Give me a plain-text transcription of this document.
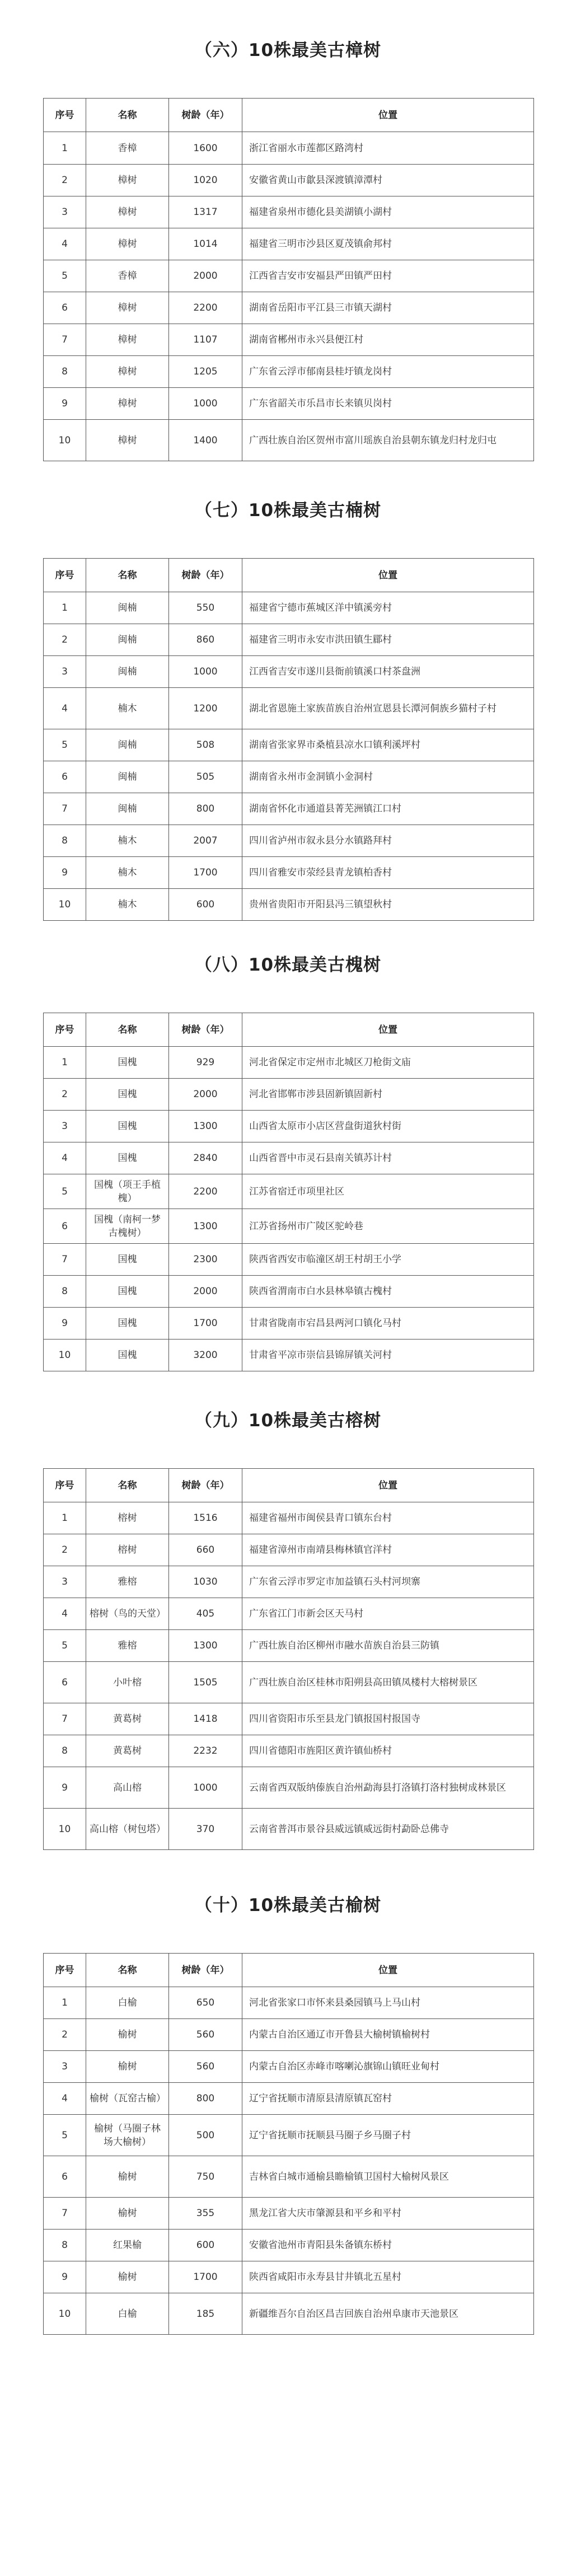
（六）10株最美古樟树
序号	名称	树龄（年）	位置
1	香樟	1600	浙江省丽水市莲都区路湾村
2	樟树	1020	安徽省黄山市歙县深渡镇漳潭村
3	樟树	1317	福建省泉州市德化县美湖镇小湖村
4	樟树	1014	福建省三明市沙县区夏茂镇俞邦村
5	香樟	2000	江西省吉安市安福县严田镇严田村
6	樟树	2200	湖南省岳阳市平江县三市镇天湖村
7	樟树	1107	湖南省郴州市永兴县便江村
8	樟树	1205	广东省云浮市郁南县桂圩镇龙岗村
9	樟树	1000	广东省韶关市乐昌市长来镇贝岗村
10	樟树	1400	广西壮族自治区贺州市富川瑶族自治县朝东镇龙归村龙归屯
（七）10株最美古楠树
序号	名称	树龄（年）	位置
1	闽楠	550	福建省宁德市蕉城区洋中镇溪旁村
2	闽楠	860	福建省三明市永安市洪田镇生郿村
3	闽楠	1000	江西省吉安市遂川县衙前镇溪口村茶盘洲
4	楠木	1200	湖北省恩施土家族苗族自治州宣恩县长潭河侗族乡猫村子村
5	闽楠	508	湖南省张家界市桑植县凉水口镇利溪坪村
6	闽楠	505	湖南省永州市金洞镇小金洞村
7	闽楠	800	湖南省怀化市通道县菁芜洲镇江口村
8	楠木	2007	四川省泸州市叙永县分水镇路拜村
9	楠木	1700	四川省雅安市荥经县青龙镇柏香村
10	楠木	600	贵州省贵阳市开阳县冯三镇望秋村
（八）10株最美古槐树
序号	名称	树龄（年）	位置
1	国槐	929	河北省保定市定州市北城区刀枪街文庙
2	国槐	2000	河北省邯郸市涉县固新镇固新村
3	国槐	1300	山西省太原市小店区营盘街道狄村街
4	国槐	2840	山西省晋中市灵石县南关镇苏计村
5	国槐（项王手植槐）	2200	江苏省宿迁市项里社区
6	国槐（南柯一梦古槐树）	1300	江苏省扬州市广陵区驼岭巷
7	国槐	2300	陕西省西安市临潼区胡王村胡王小学
8	国槐	2000	陕西省渭南市白水县林皋镇古槐村
9	国槐	1700	甘肃省陇南市宕昌县两河口镇化马村
10	国槐	3200	甘肃省平凉市崇信县锦屏镇关河村
（九）10株最美古榕树
序号	名称	树龄（年）	位置
1	榕树	1516	福建省福州市闽侯县青口镇东台村
2	榕树	660	福建省漳州市南靖县梅林镇官洋村
3	雅榕	1030	广东省云浮市罗定市加益镇石头村河坝寨
4	榕树（鸟的天堂）	405	广东省江门市新会区天马村
5	雅榕	1300	广西壮族自治区柳州市融水苗族自治县三防镇
6	小叶榕	1505	广西壮族自治区桂林市阳朔县高田镇凤楼村大榕树景区
7	黄葛树	1418	四川省资阳市乐至县龙门镇报国村报国寺
8	黄葛树	2232	四川省德阳市旌阳区黄许镇仙桥村
9	高山榕	1000	云南省西双版纳傣族自治州勐海县打洛镇打洛村独树成林景区
10	高山榕（树包塔）	370	云南省普洱市景谷县威远镇威远街村勐卧总佛寺
（十）10株最美古榆树
序号	名称	树龄（年）	位置
1	白榆	650	河北省张家口市怀来县桑园镇马上马山村
2	榆树	560	内蒙古自治区通辽市开鲁县大榆树镇榆树村
3	榆树	560	内蒙古自治区赤峰市喀喇沁旗锦山镇旺业甸村
4	榆树（瓦窑古榆）	800	辽宁省抚顺市清原县清原镇瓦窑村
5	榆树（马圈子林场大榆树）	500	辽宁省抚顺市抚顺县马圈子乡马圈子村
6	榆树	750	吉林省白城市通榆县瞻榆镇卫国村大榆树风景区
7	榆树	355	黑龙江省大庆市肇源县和平乡和平村
8	红果榆	600	安徽省池州市青阳县朱备镇东桥村
9	榆树	1700	陕西省咸阳市永寿县甘井镇北五星村
10	白榆	185	新疆维吾尔自治区昌吉回族自治州阜康市天池景区
